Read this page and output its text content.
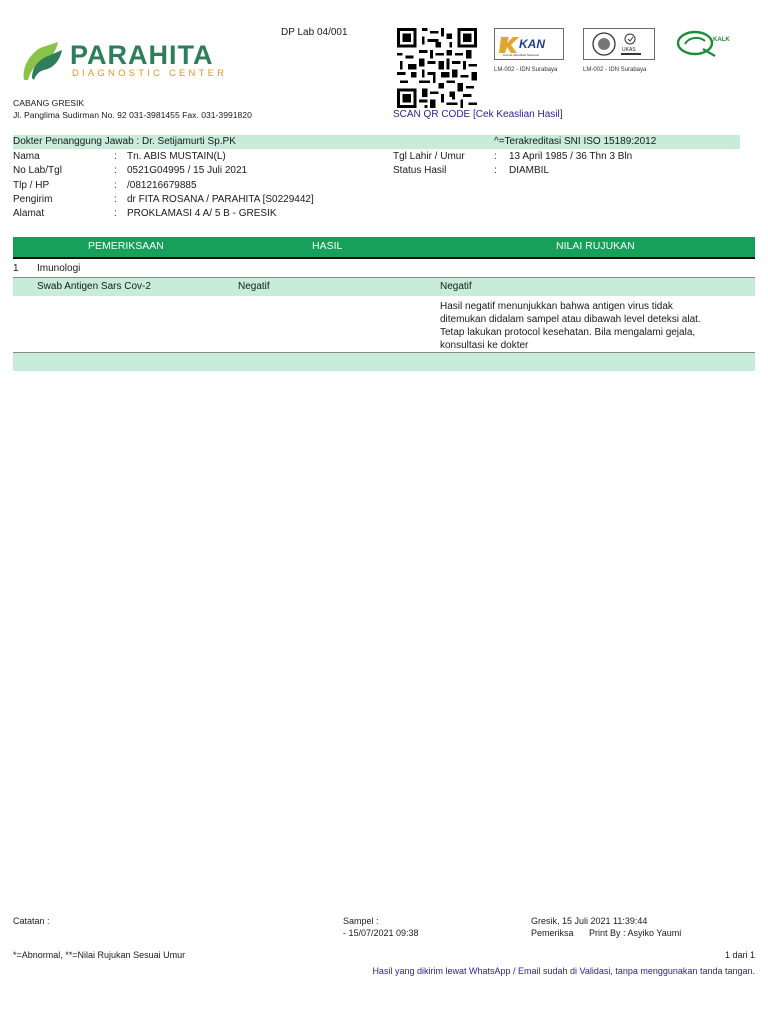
PARAHITA
DIAGNOSTIC CENTER
DP Lab 04/001
KAN
Komite Akreditasi Nasional
LM-002 - IDN Surabaya
UKAS
LM-002 - IDN Surabaya
KALK
CABANG GRESIK
Jl. Panglima Sudirman No. 92 031-3981455 Fax. 031-3991820	SCAN QR CODE [Cek Keaslian Hasil]
Dokter Penanggung Jawab : Dr. Setijamurti Sp.PK	^=Terakreditasi SNI ISO 15189:2012
Nama	: Tn. ABIS MUSTAIN(L)
No Lab/Tgl	: 0521G04995 / 15 Juli 2021
Tlp / HP	: /081216679885
Pengirim	: dr FITA ROSANA / PARAHITA [S0229442]
Alamat	: PROKLAMASI 4 A/ 5 B - GRESIK
Tgl Lahir / Umur	: 13 April 1985 / 36 Thn 3 Bln
Status Hasil	: DIAMBIL
PEMERIKSAAN	HASIL	NILAI RUJUKAN
1 Imunologi
Swab Antigen Sars Cov-2	Negatif	Negatif
Hasil negatif menunjukkan bahwa antigen virus tidak
ditemukan didalam sampel atau dibawah level deteksi alat.
Tetap lakukan protocol kesehatan. Bila mengalami gejala,
konsultasi ke dokter
Catatan :	Sampel :
- 15/07/2021 09:38
Gresik, 15 Juli 2021 11:39:44
Pemeriksa Print By : Asyiko Yaumi
*=Abnormal, **=Nilai Rujukan Sesuai Umur	1 dari 1
Hasil yang dikirim lewat WhatsApp / Email sudah di Validasi, tanpa menggunakan tanda tangan.
